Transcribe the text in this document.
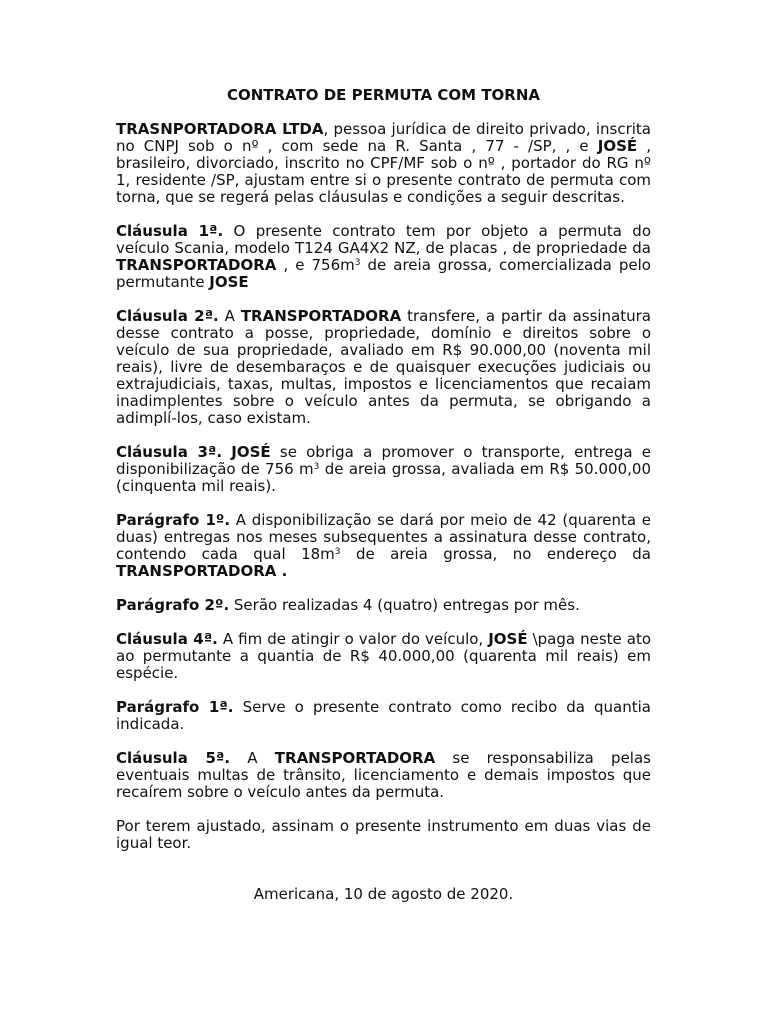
CONTRATO DE PERMUTA COM TORNA

TRASNPORTADORA LTDA, pessoa jurídica de direito privado, inscrita no CNPJ sob o nº , com sede na R. Santa , 77 - /SP, , e JOSÉ , brasileiro, divorciado, inscrito no CPF/MF sob o nº , portador do RG nº 1, residente /SP, ajustam entre si o presente contrato de permuta com torna, que se regerá pelas cláusulas e condições a seguir descritas.

Cláusula 1ª. O presente contrato tem por objeto a permuta do veículo Scania, modelo T124 GA4X2 NZ, de placas , de propriedade da TRANSPORTADORA , e $756m^3$ de areia grossa, comercializada pelo permutante JOSE

Cláusula 2ª. A TRANSPORTADORA transfere, a partir da assinatura desse contrato a posse, propriedade, domínio e direitos sobre o veículo de sua propriedade, avaliado em R$ 90.000,00 (noventa mil reais), livre de desembaraços e de quaisquer execuções judiciais ou extrajudiciais, taxas, multas, impostos e licenciamentos que recaiam inadimplentes sobre o veículo antes da permuta, se obrigando a adimplí-los, caso existam.

Cláusula 3ª. JOSÉ se obriga a promover o transporte, entrega e disponibilização de 756 $m^3$ de areia grossa, avaliada em R$ 50.000,00 (cinquenta mil reais).

Parágrafo 1º. A disponibilização se dará por meio de 42 (quarenta e duas) entregas nos meses subsequentes a assinatura desse contrato, contendo cada qual $18m^3$ de areia grossa, no endereço da TRANSPORTADORA .

Parágrafo 2º. Serão realizadas 4 (quatro) entregas por mês.

Cláusula 4ª. A fim de atingir o valor do veículo, JOSÉ \paga neste ato ao permutante a quantia de R$ 40.000,00 (quarenta mil reais) em espécie.

Parágrafo 1ª. Serve o presente contrato como recibo da quantia indicada.

Cláusula 5ª. A TRANSPORTADORA se responsabiliza pelas eventuais multas de trânsito, licenciamento e demais impostos que recaírem sobre o veículo antes da permuta.

Por terem ajustado, assinam o presente instrumento em duas vias de igual teor.

Americana, 10 de agosto de 2020.
